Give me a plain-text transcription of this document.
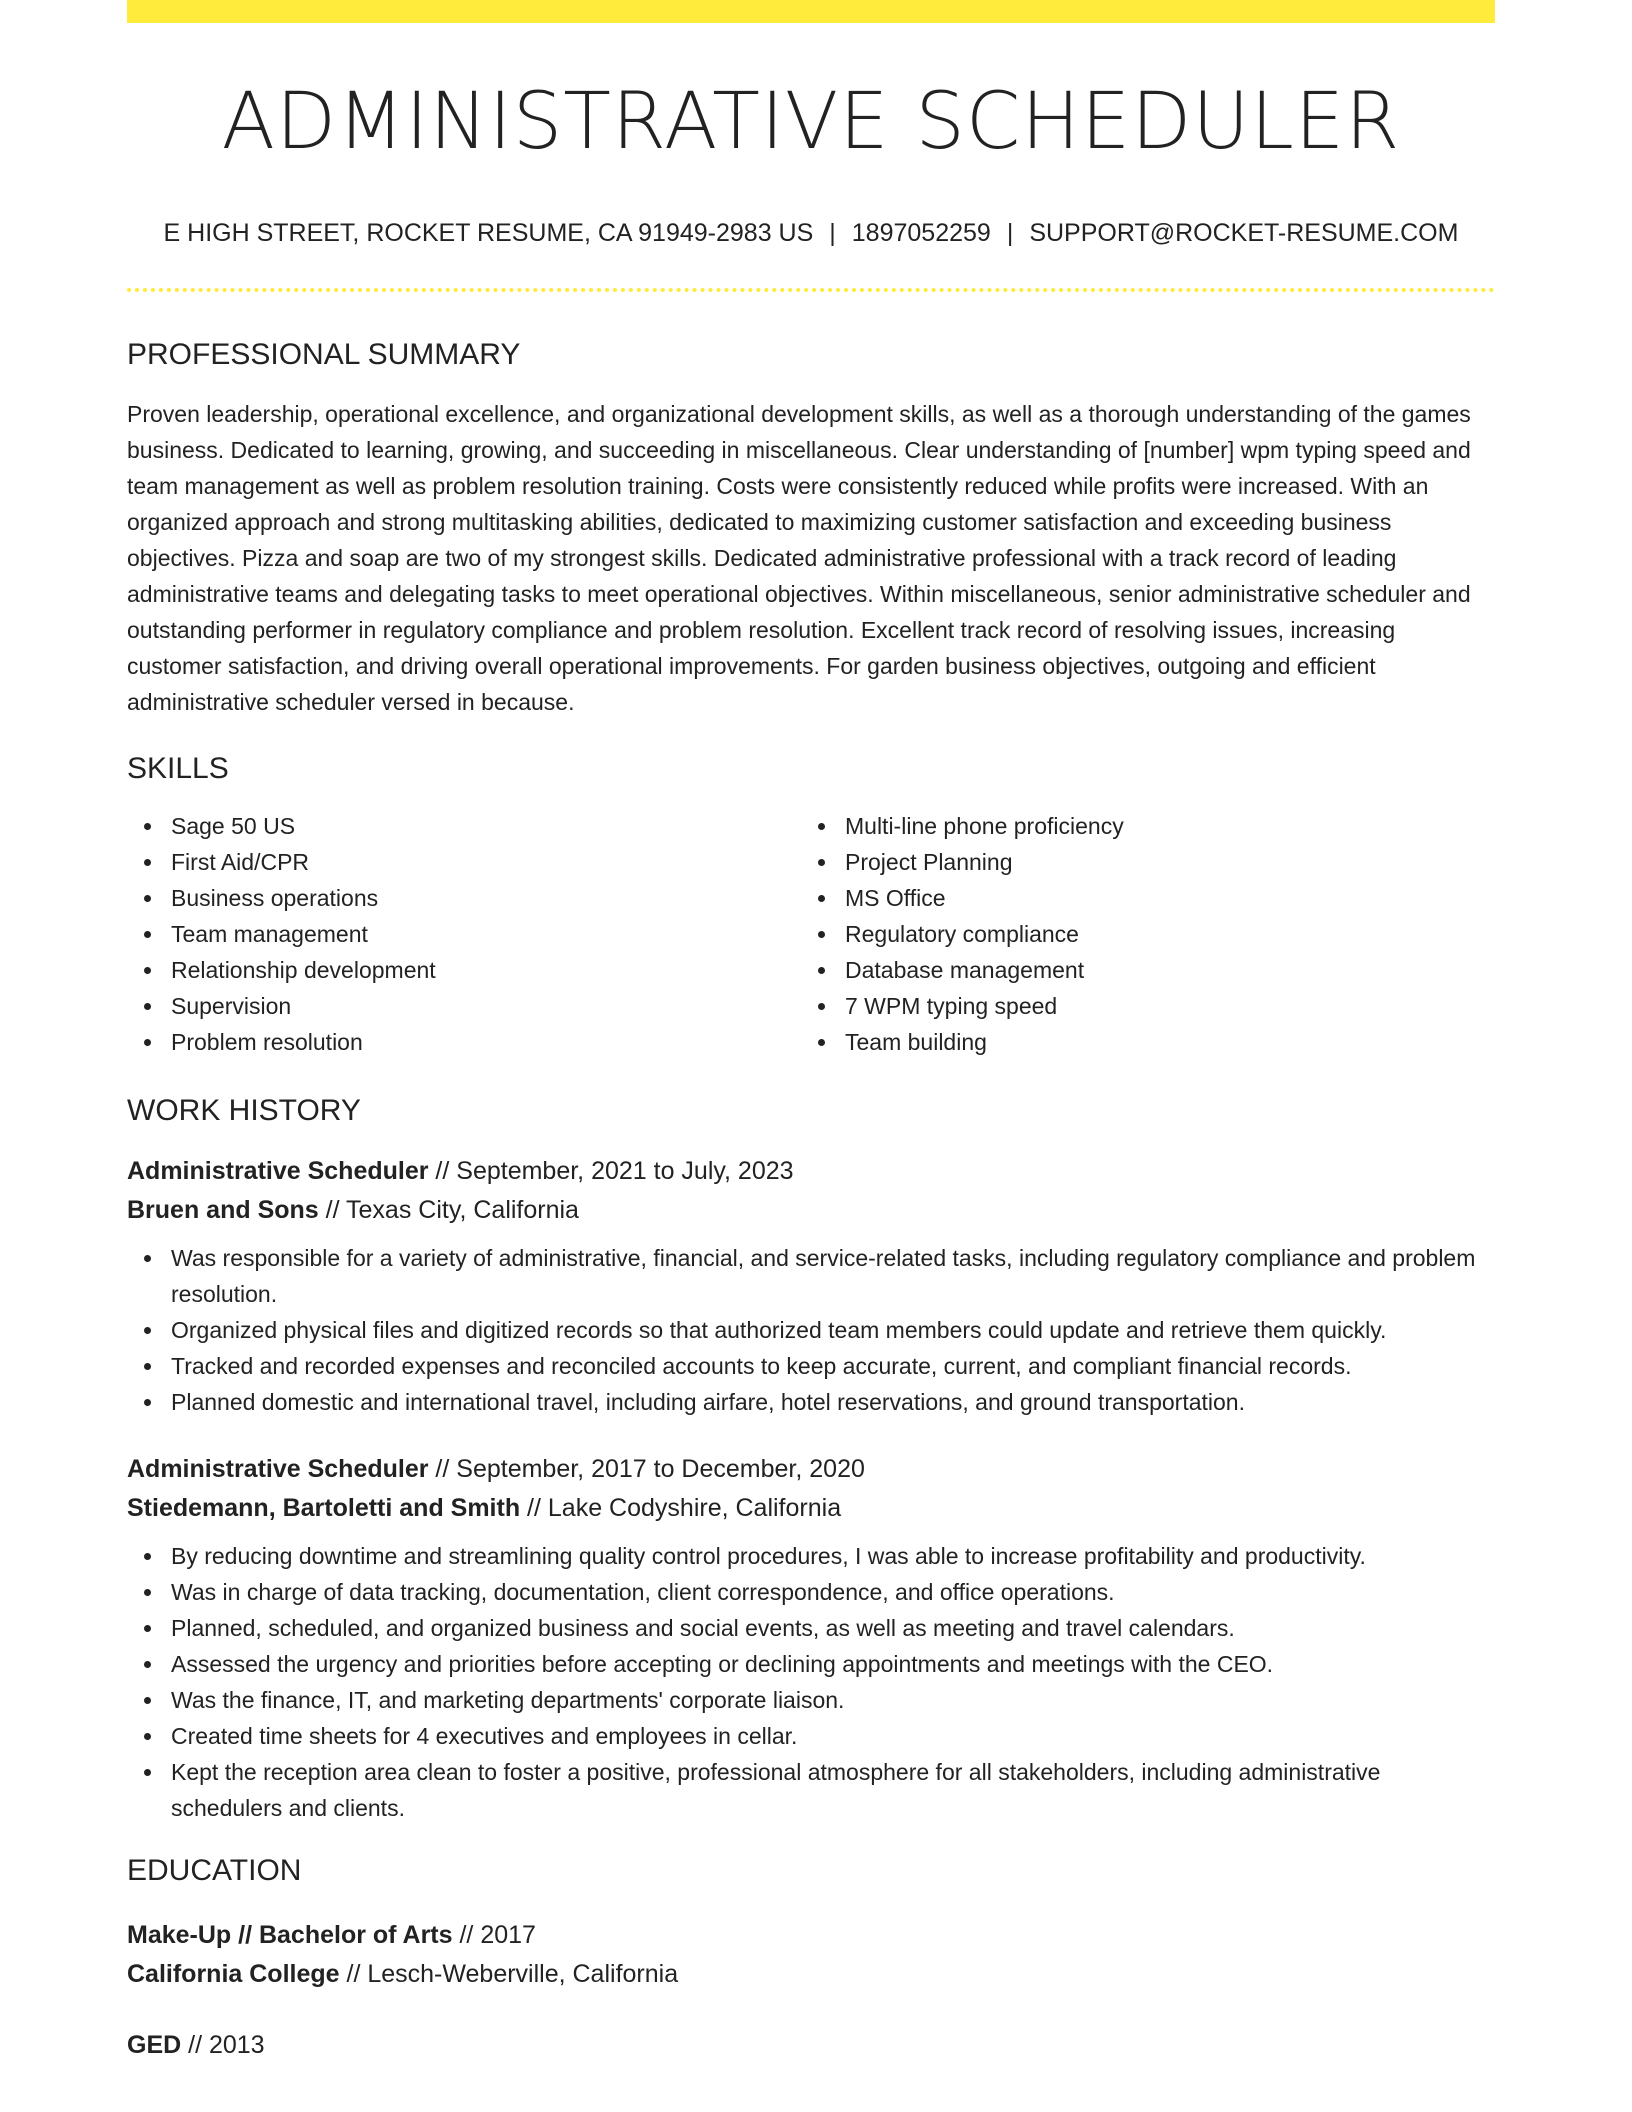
ADMINISTRATIVE SCHEDULER
E HIGH STREET, ROCKET RESUME, CA 91949-2983 US | 1897052259 | SUPPORT@ROCKET-RESUME.COM
PROFESSIONAL SUMMARY

Proven leadership, operational excellence, and organizational development skills, as well as a thorough understanding of the games business. Dedicated to learning, growing, and succeeding in miscellaneous. Clear understanding of [number] wpm typing speed and team management as well as problem resolution training. Costs were consistently reduced while profits were increased. With an organized approach and strong multitasking abilities, dedicated to maximizing customer satisfaction and exceeding business objectives. Pizza and soap are two of my strongest skills. Dedicated administrative professional with a track record of leading administrative teams and delegating tasks to meet operational objectives. Within miscellaneous, senior administrative scheduler and outstanding performer in regulatory compliance and problem resolution. Excellent track record of resolving issues, increasing customer satisfaction, and driving overall operational improvements. For garden business objectives, outgoing and efficient administrative scheduler versed in because.

SKILLS
Sage 50 US
First Aid/CPR
Business operations
Team management
Relationship development
Supervision
Problem resolution
Multi-line phone proficiency
Project Planning
MS Office
Regulatory compliance
Database management
7 WPM typing speed
Team building
WORK HISTORY
Administrative Scheduler // September, 2021 to July, 2023
Bruen and Sons // Texas City, California
Was responsible for a variety of administrative, financial, and service-related tasks, including regulatory compliance and problem resolution.
Organized physical files and digitized records so that authorized team members could update and retrieve them quickly.
Tracked and recorded expenses and reconciled accounts to keep accurate, current, and compliant financial records.
Planned domestic and international travel, including airfare, hotel reservations, and ground transportation.
Administrative Scheduler // September, 2017 to December, 2020
Stiedemann, Bartoletti and Smith // Lake Codyshire, California
By reducing downtime and streamlining quality control procedures, I was able to increase profitability and productivity.
Was in charge of data tracking, documentation, client correspondence, and office operations.
Planned, scheduled, and organized business and social events, as well as meeting and travel calendars.
Assessed the urgency and priorities before accepting or declining appointments and meetings with the CEO.
Was the finance, IT, and marketing departments' corporate liaison.
Created time sheets for 4 executives and employees in cellar.
Kept the reception area clean to foster a positive, professional atmosphere for all stakeholders, including administrative schedulers and clients.
EDUCATION
Make-Up // Bachelor of Arts // 2017
California College // Lesch-Weberville, California
GED // 2013
